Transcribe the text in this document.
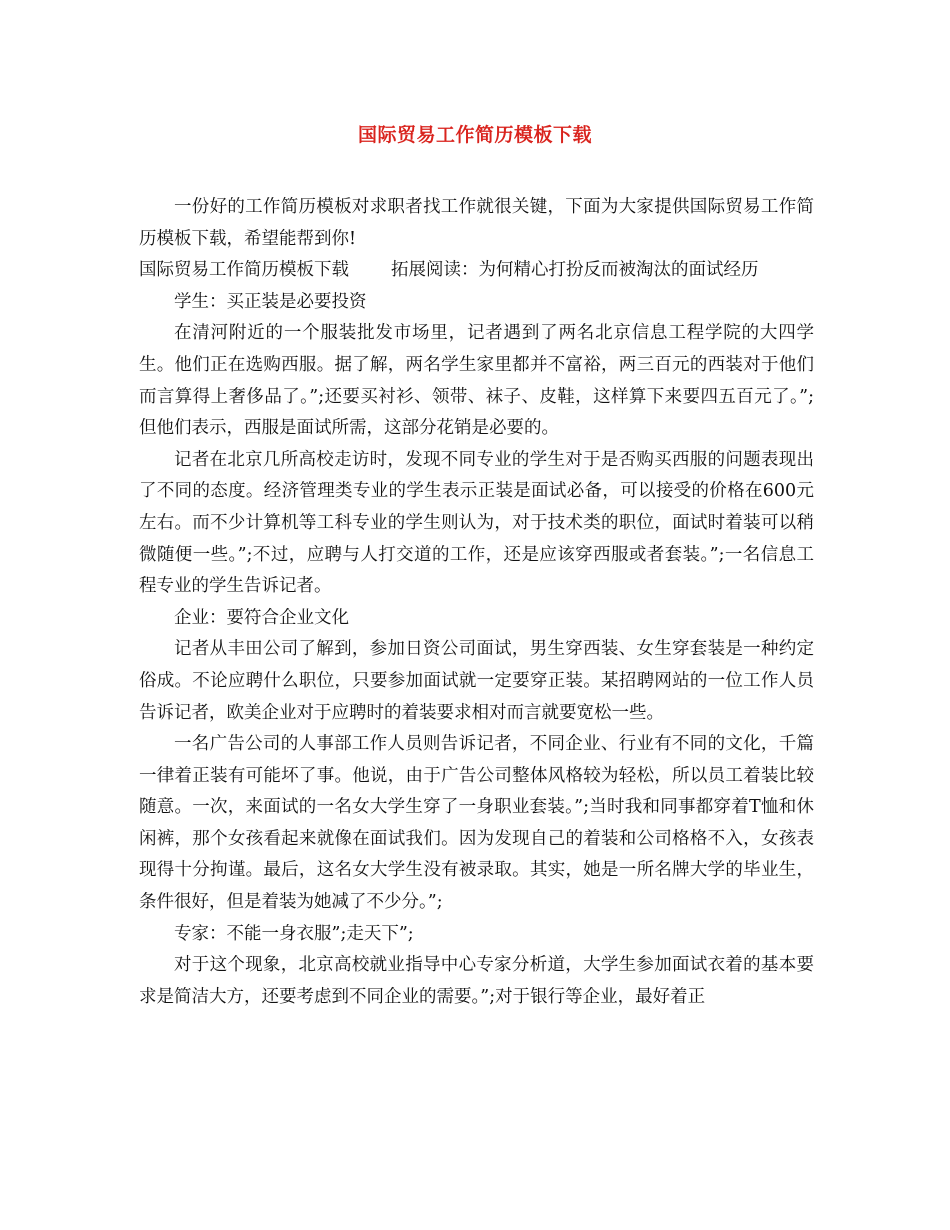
国际贸易工作简历模板下载

一份好的工作简历模板对求职者找工作就很关键，下面为大家提供国际贸易工作简历模板下载，希望能帮到你!

国际贸易工作简历模板下载 拓展阅读：为何精心打扮反而被淘汰的面试经历

学生：买正装是必要投资

在清河附近的一个服装批发市场里，记者遇到了两名北京信息工程学院的大四学生。他们正在选购西服。据了解，两名学生家里都并不富裕，两三百元的西装对于他们而言算得上奢侈品了。”;还要买衬衫、领带、袜子、皮鞋，这样算下来要四五百元了。”;但他们表示，西服是面试所需，这部分花销是必要的。

记者在北京几所高校走访时，发现不同专业的学生对于是否购买西服的问题表现出了不同的态度。经济管理类专业的学生表示正装是面试必备，可以接受的价格在600元左右。而不少计算机等工科专业的学生则认为，对于技术类的职位，面试时着装可以稍微随便一些。”;不过，应聘与人打交道的工作，还是应该穿西服或者套装。”;一名信息工程专业的学生告诉记者。

企业：要符合企业文化

记者从丰田公司了解到，参加日资公司面试，男生穿西装、女生穿套装是一种约定俗成。不论应聘什么职位，只要参加面试就一定要穿正装。某招聘网站的一位工作人员告诉记者，欧美企业对于应聘时的着装要求相对而言就要宽松一些。

一名广告公司的人事部工作人员则告诉记者，不同企业、行业有不同的文化，千篇一律着正装有可能坏了事。他说，由于广告公司整体风格较为轻松，所以员工着装比较随意。一次，来面试的一名女大学生穿了一身职业套装。”;当时我和同事都穿着T恤和休闲裤，那个女孩看起来就像在面试我们。因为发现自己的着装和公司格格不入，女孩表现得十分拘谨。最后，这名女大学生没有被录取。其实，她是一所名牌大学的毕业生，条件很好，但是着装为她减了不少分。”;

专家：不能一身衣服”;走天下”;

对于这个现象，北京高校就业指导中心专家分析道，大学生参加面试衣着的基本要求是简洁大方，还要考虑到不同企业的需要。”;对于银行等企业，最好着正
